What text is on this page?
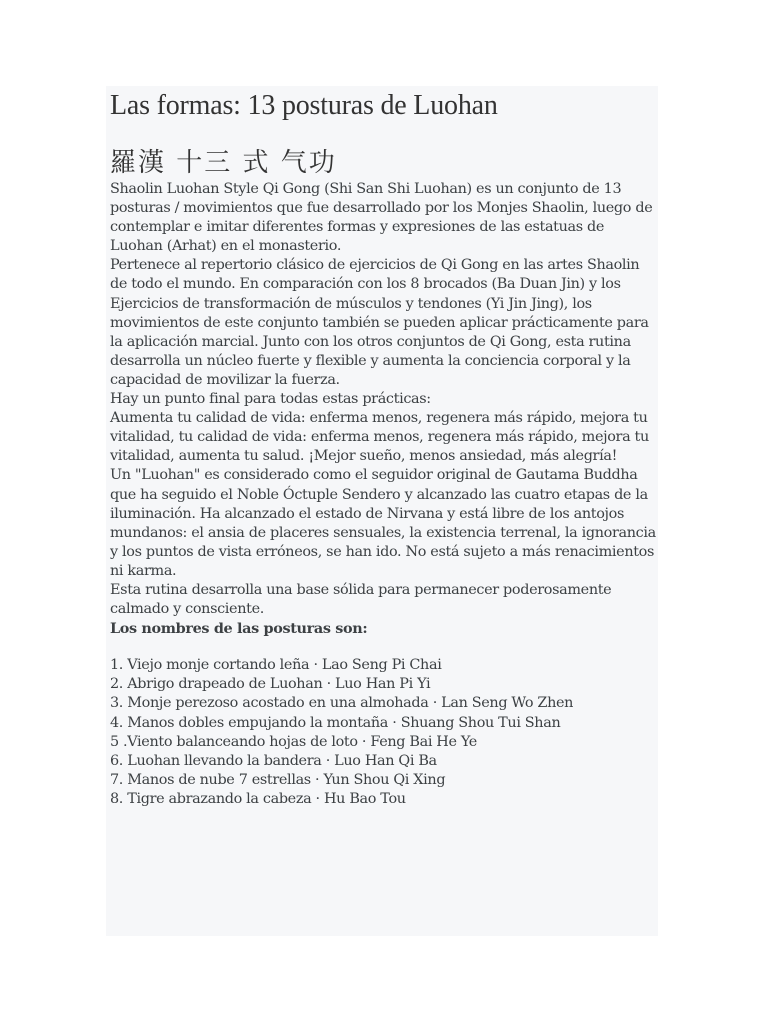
Las formas: 13 posturas de Luohan
羅漢 十三 式 气功

Shaolin Luohan Style Qi Gong (Shi San Shi Luohan) es un conjunto de 13 posturas / movimientos que fue desarrollado por los Monjes Shaolin, luego de contemplar e imitar diferentes formas y expresiones de las estatuas de Luohan (Arhat) en el monasterio.

Pertenece al repertorio clásico de ejercicios de Qi Gong en las artes Shaolin de todo el mundo. En comparación con los 8 brocados (Ba Duan Jin) y los Ejercicios de transformación de músculos y tendones (Yi Jin Jing), los movimientos de este conjunto también se pueden aplicar prácticamente para la aplicación marcial. Junto con los otros conjuntos de Qi Gong, esta rutina desarrolla un núcleo fuerte y flexible y aumenta la conciencia corporal y la capacidad de movilizar la fuerza.

Hay un punto final para todas estas prácticas:

Aumenta tu calidad de vida: enferma menos, regenera más rápido, mejora tu vitalidad, tu calidad de vida: enferma menos, regenera más rápido, mejora tu vitalidad, aumenta tu salud. ¡Mejor sueño, menos ansiedad, más alegría!

Un "Luohan" es considerado como el seguidor original de Gautama Buddha que ha seguido el Noble Óctuple Sendero y alcanzado las cuatro etapas de la iluminación. Ha alcanzado el estado de Nirvana y está libre de los antojos mundanos: el ansia de placeres sensuales, la existencia terrenal, la ignorancia y los puntos de vista erróneos, se han ido. No está sujeto a más renacimientos ni karma.

Esta rutina desarrolla una base sólida para permanecer poderosamente calmado y consciente.

Los nombres de las posturas son:

1. Viejo monje cortando leña · Lao Seng Pi Chai
2. Abrigo drapeado de Luohan · Luo Han Pi Yi
3. Monje perezoso acostado en una almohada · Lan Seng Wo Zhen
4. Manos dobles empujando la montaña · Shuang Shou Tui Shan
5 .Viento balanceando hojas de loto · Feng Bai He Ye
6. Luohan llevando la bandera · Luo Han Qi Ba
7. Manos de nube 7 estrellas · Yun Shou Qi Xing
8. Tigre abrazando la cabeza · Hu Bao Tou
